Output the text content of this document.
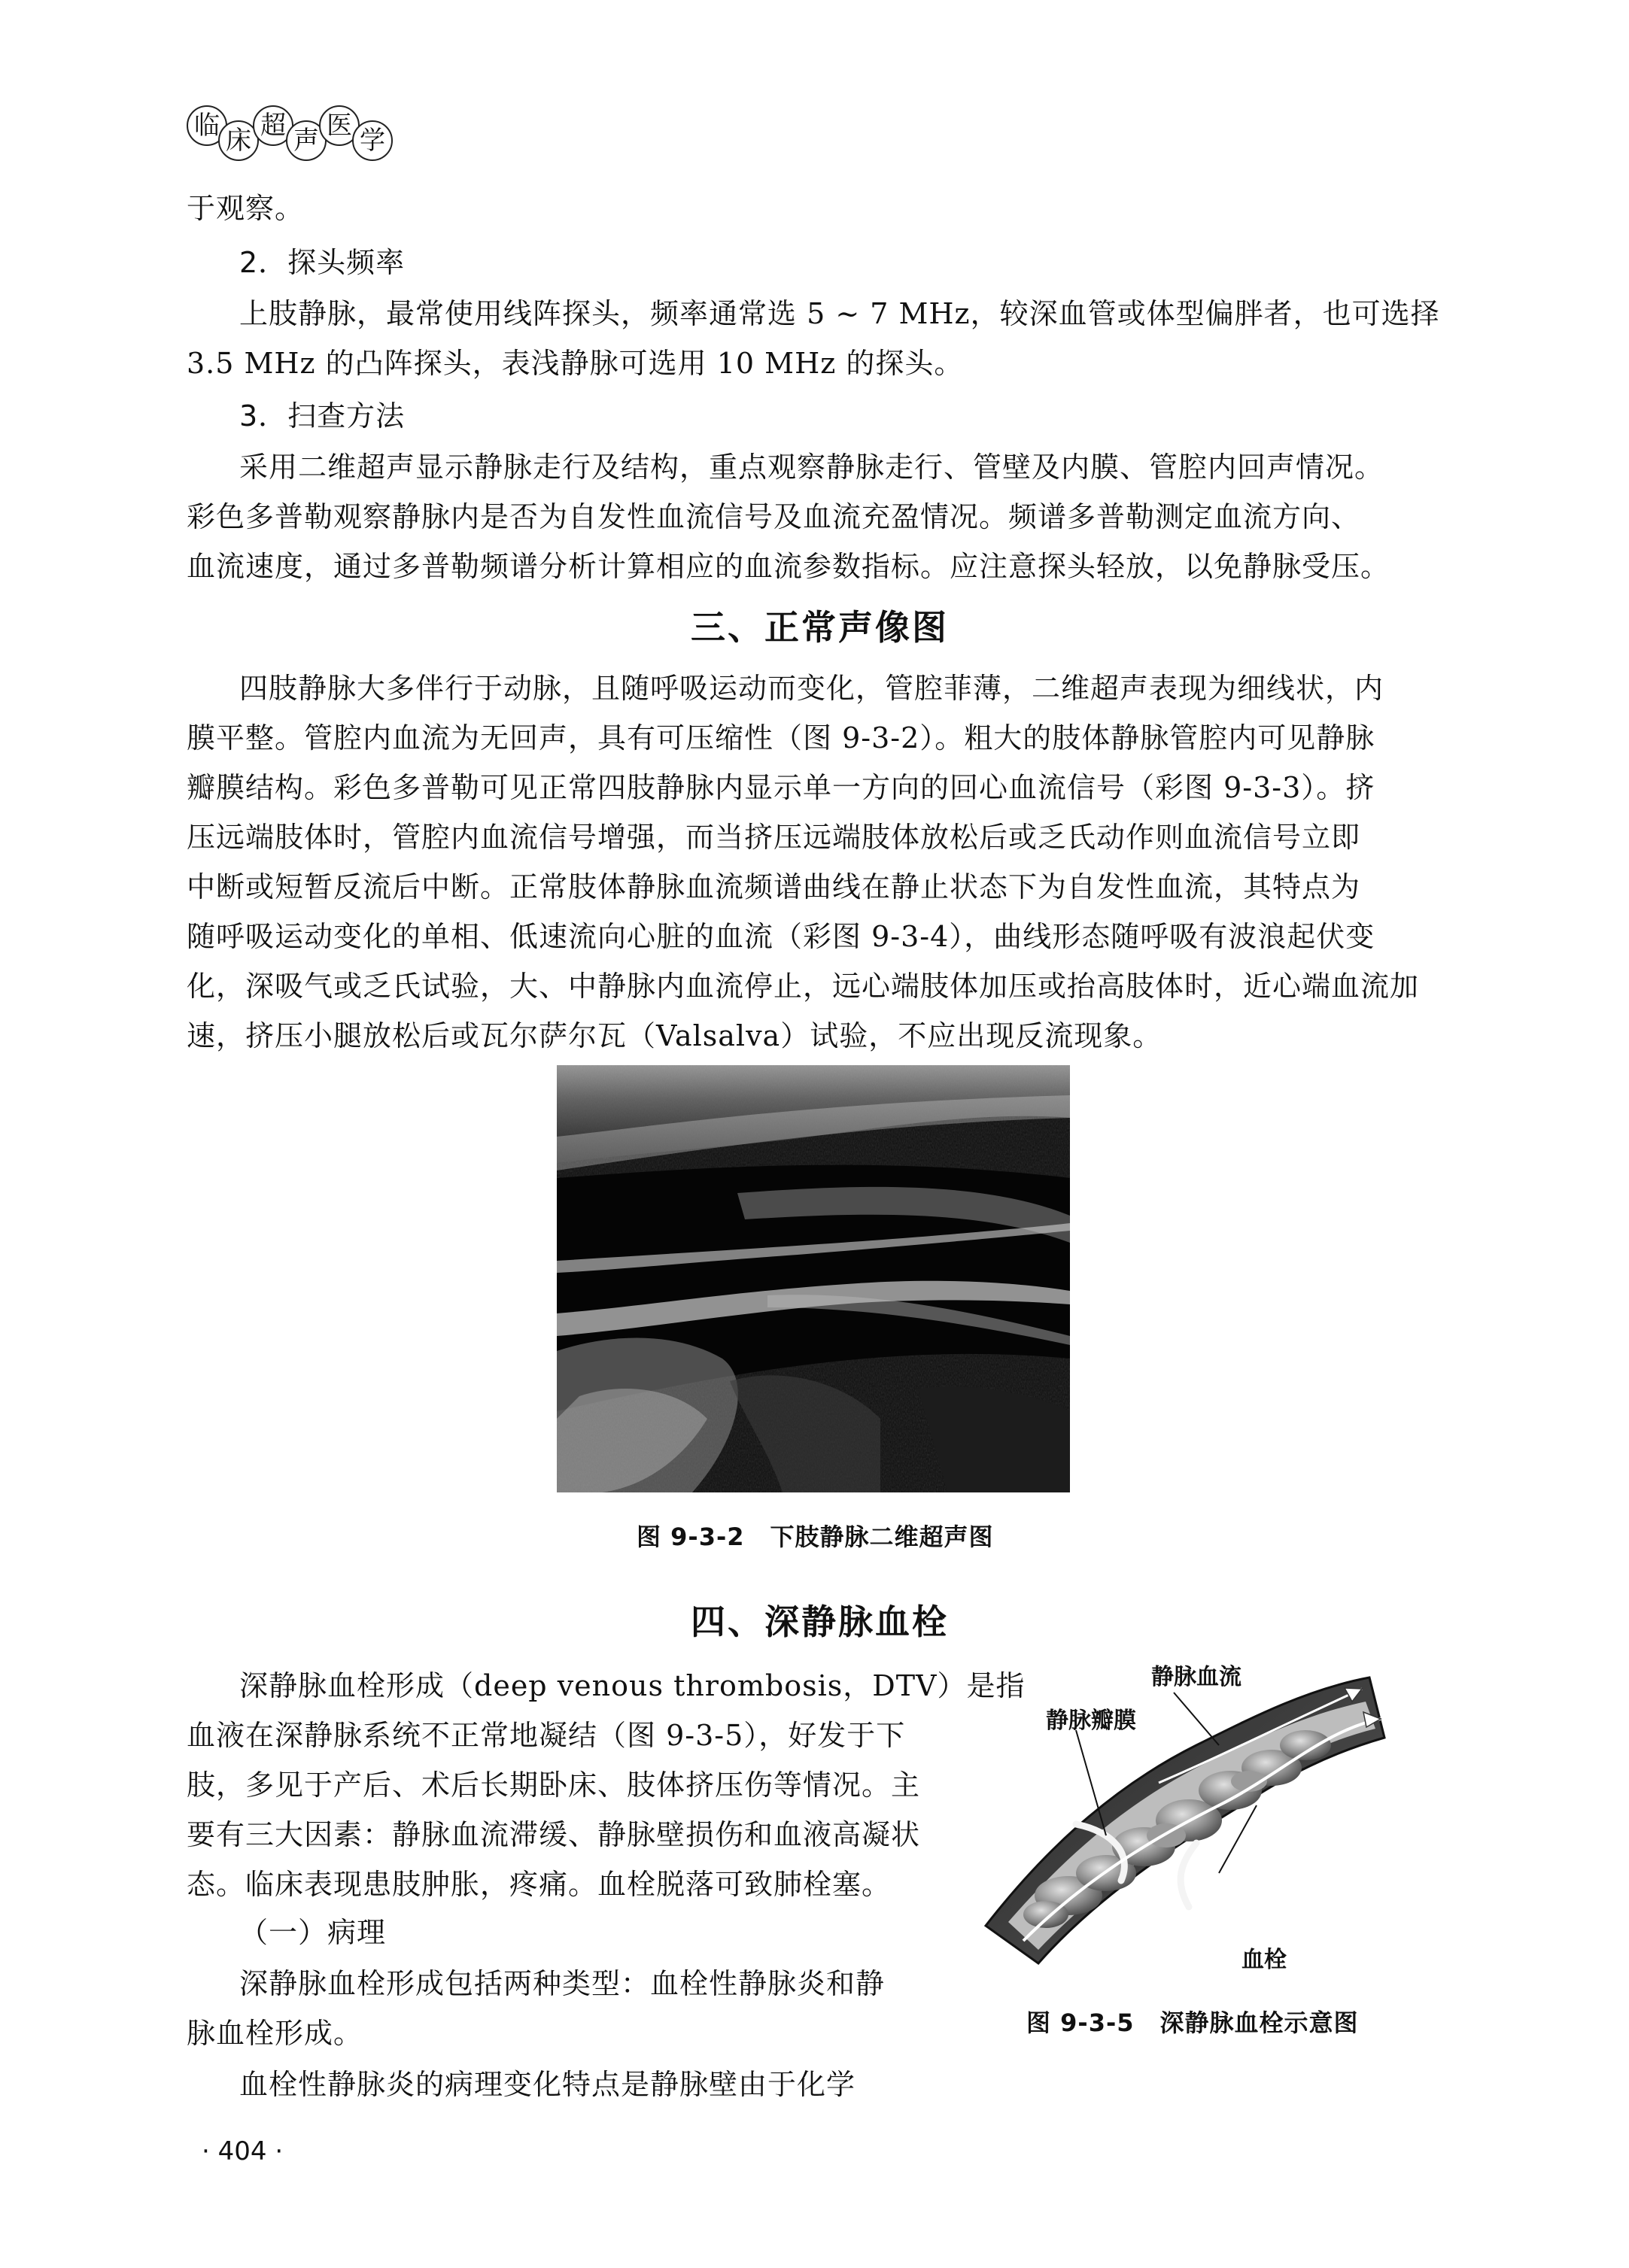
临 床 超 声 医 学
于观察。
2．探头频率
上肢静脉，最常使用线阵探头，频率通常选 5 ~ 7 MHz，较深血管或体型偏胖者，也可选择
3.5 MHz 的凸阵探头，表浅静脉可选用 10 MHz 的探头。
3．扫查方法
采用二维超声显示静脉走行及结构，重点观察静脉走行、管壁及内膜、管腔内回声情况。
彩色多普勒观察静脉内是否为自发性血流信号及血流充盈情况。频谱多普勒测定血流方向、
血流速度，通过多普勒频谱分析计算相应的血流参数指标。应注意探头轻放，以免静脉受压。
三、正常声像图
四肢静脉大多伴行于动脉，且随呼吸运动而变化，管腔菲薄，二维超声表现为细线状，内
膜平整。管腔内血流为无回声，具有可压缩性（图 9-3-2）。粗大的肢体静脉管腔内可见静脉
瓣膜结构。彩色多普勒可见正常四肢静脉内显示单一方向的回心血流信号（彩图 9-3-3）。挤
压远端肢体时，管腔内血流信号增强，而当挤压远端肢体放松后或乏氏动作则血流信号立即
中断或短暂反流后中断。正常肢体静脉血流频谱曲线在静止状态下为自发性血流，其特点为
随呼吸运动变化的单相、低速流向心脏的血流（彩图 9-3-4），曲线形态随呼吸有波浪起伏变
化，深吸气或乏氏试验，大、中静脉内血流停止，远心端肢体加压或抬高肢体时，近心端血流加
速，挤压小腿放松后或瓦尔萨尔瓦（Valsalva）试验，不应出现反流现象。
图 9-3-2 下肢静脉二维超声图
四、深静脉血栓
深静脉血栓形成（deep venous thrombosis，DTV）是指
血液在深静脉系统不正常地凝结（图 9-3-5），好发于下
肢，多见于产后、术后长期卧床、肢体挤压伤等情况。主
要有三大因素：静脉血流滞缓、静脉壁损伤和血液高凝状
态。临床表现患肢肿胀，疼痛。血栓脱落可致肺栓塞。
（一）病理
深静脉血栓形成包括两种类型：血栓性静脉炎和静
脉血栓形成。
血栓性静脉炎的病理变化特点是静脉壁由于化学
静脉血流
静脉瓣膜
血栓
图 9-3-5 深静脉血栓示意图
· 404 ·
